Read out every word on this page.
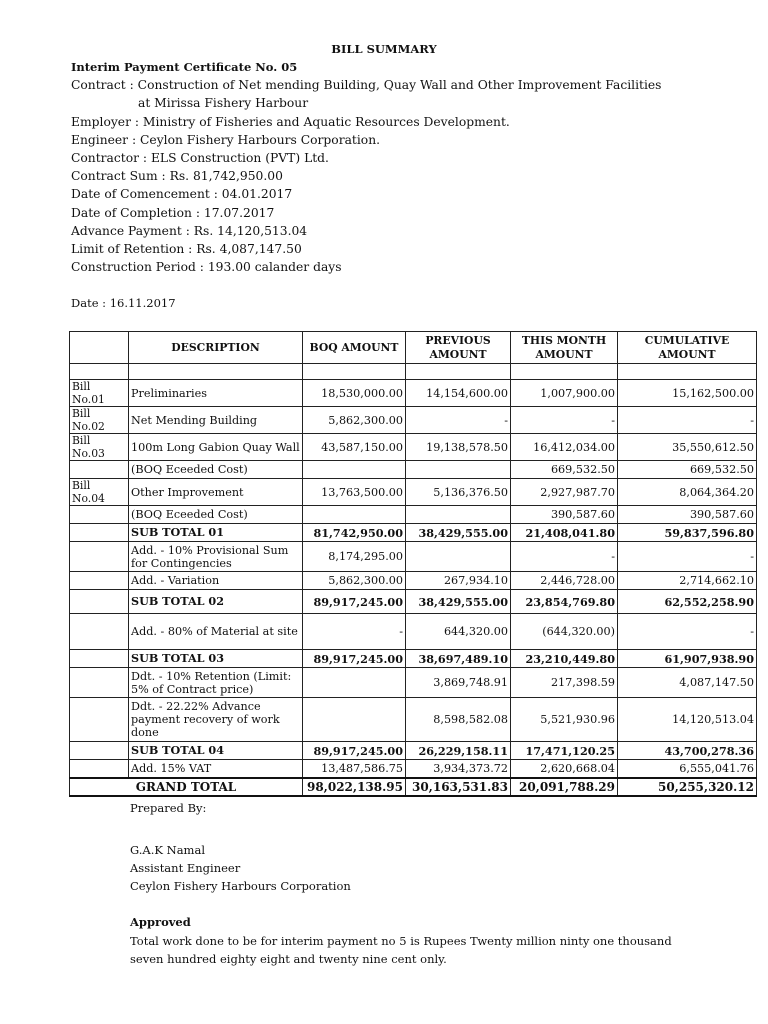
BILL SUMMARY
Interim Payment Certificate No. 05
Contract : Construction of Net mending Building, Quay Wall and Other Improvement Facilities
at Mirissa Fishery Harbour
Employer : Ministry of Fisheries and Aquatic Resources Development.
Engineer : Ceylon Fishery Harbours Corporation.
Contractor : ELS Construction (PVT) Ltd.
Contract Sum : Rs. 81,742,950.00
Date of Comencement : 04.01.2017
Date of Completion : 17.07.2017
Advance Payment : Rs. 14,120,513.04
Limit of Retention : Rs. 4,087,147.50
Construction Period : 193.00 calander days
Date : 16.11.2017
	DESCRIPTION	BOQ AMOUNT	PREVIOUS AMOUNT	THIS MONTH AMOUNT	CUMULATIVE AMOUNT

Bill No.01	Preliminaries	18,530,000.00	14,154,600.00	1,007,900.00	15,162,500.00
Bill No.02	Net Mending Building	5,862,300.00	-	-	-
Bill No.03	100m Long Gabion Quay Wall	43,587,150.00	19,138,578.50	16,412,034.00	35,550,612.50
	(BOQ Eceeded Cost)			669,532.50	669,532.50
Bill No.04	Other Improvement	13,763,500.00	5,136,376.50	2,927,987.70	8,064,364.20
	(BOQ Eceeded Cost)			390,587.60	390,587.60
	SUB TOTAL 01	81,742,950.00	38,429,555.00	21,408,041.80	59,837,596.80
	Add. - 10% Provisional Sum for Contingencies	8,174,295.00		-	-
	Add. - Variation	5,862,300.00	267,934.10	2,446,728.00	2,714,662.10
	SUB TOTAL 02	89,917,245.00	38,429,555.00	23,854,769.80	62,552,258.90
	Add. - 80% of Material at site	-	644,320.00	(644,320.00)	-
	SUB TOTAL 03	89,917,245.00	38,697,489.10	23,210,449.80	61,907,938.90
	Ddt. - 10% Retention (Limit: 5% of Contract price)		3,869,748.91	217,398.59	4,087,147.50
	Ddt. - 22.22% Advance payment recovery of work done		8,598,582.08	5,521,930.96	14,120,513.04
	SUB TOTAL 04	89,917,245.00	26,229,158.11	17,471,120.25	43,700,278.36
	Add. 15% VAT	13,487,586.75	3,934,373.72	2,620,668.04	6,555,041.76
GRAND TOTAL		98,022,138.95	30,163,531.83	20,091,788.29	50,255,320.12
Prepared By:
G.A.K Namal
Assistant Engineer
Ceylon Fishery Harbours Corporation
Approved
Total work done to be for interim payment no 5 is Rupees Twenty million ninty one thousand
seven hundred eighty eight and twenty nine cent only.
